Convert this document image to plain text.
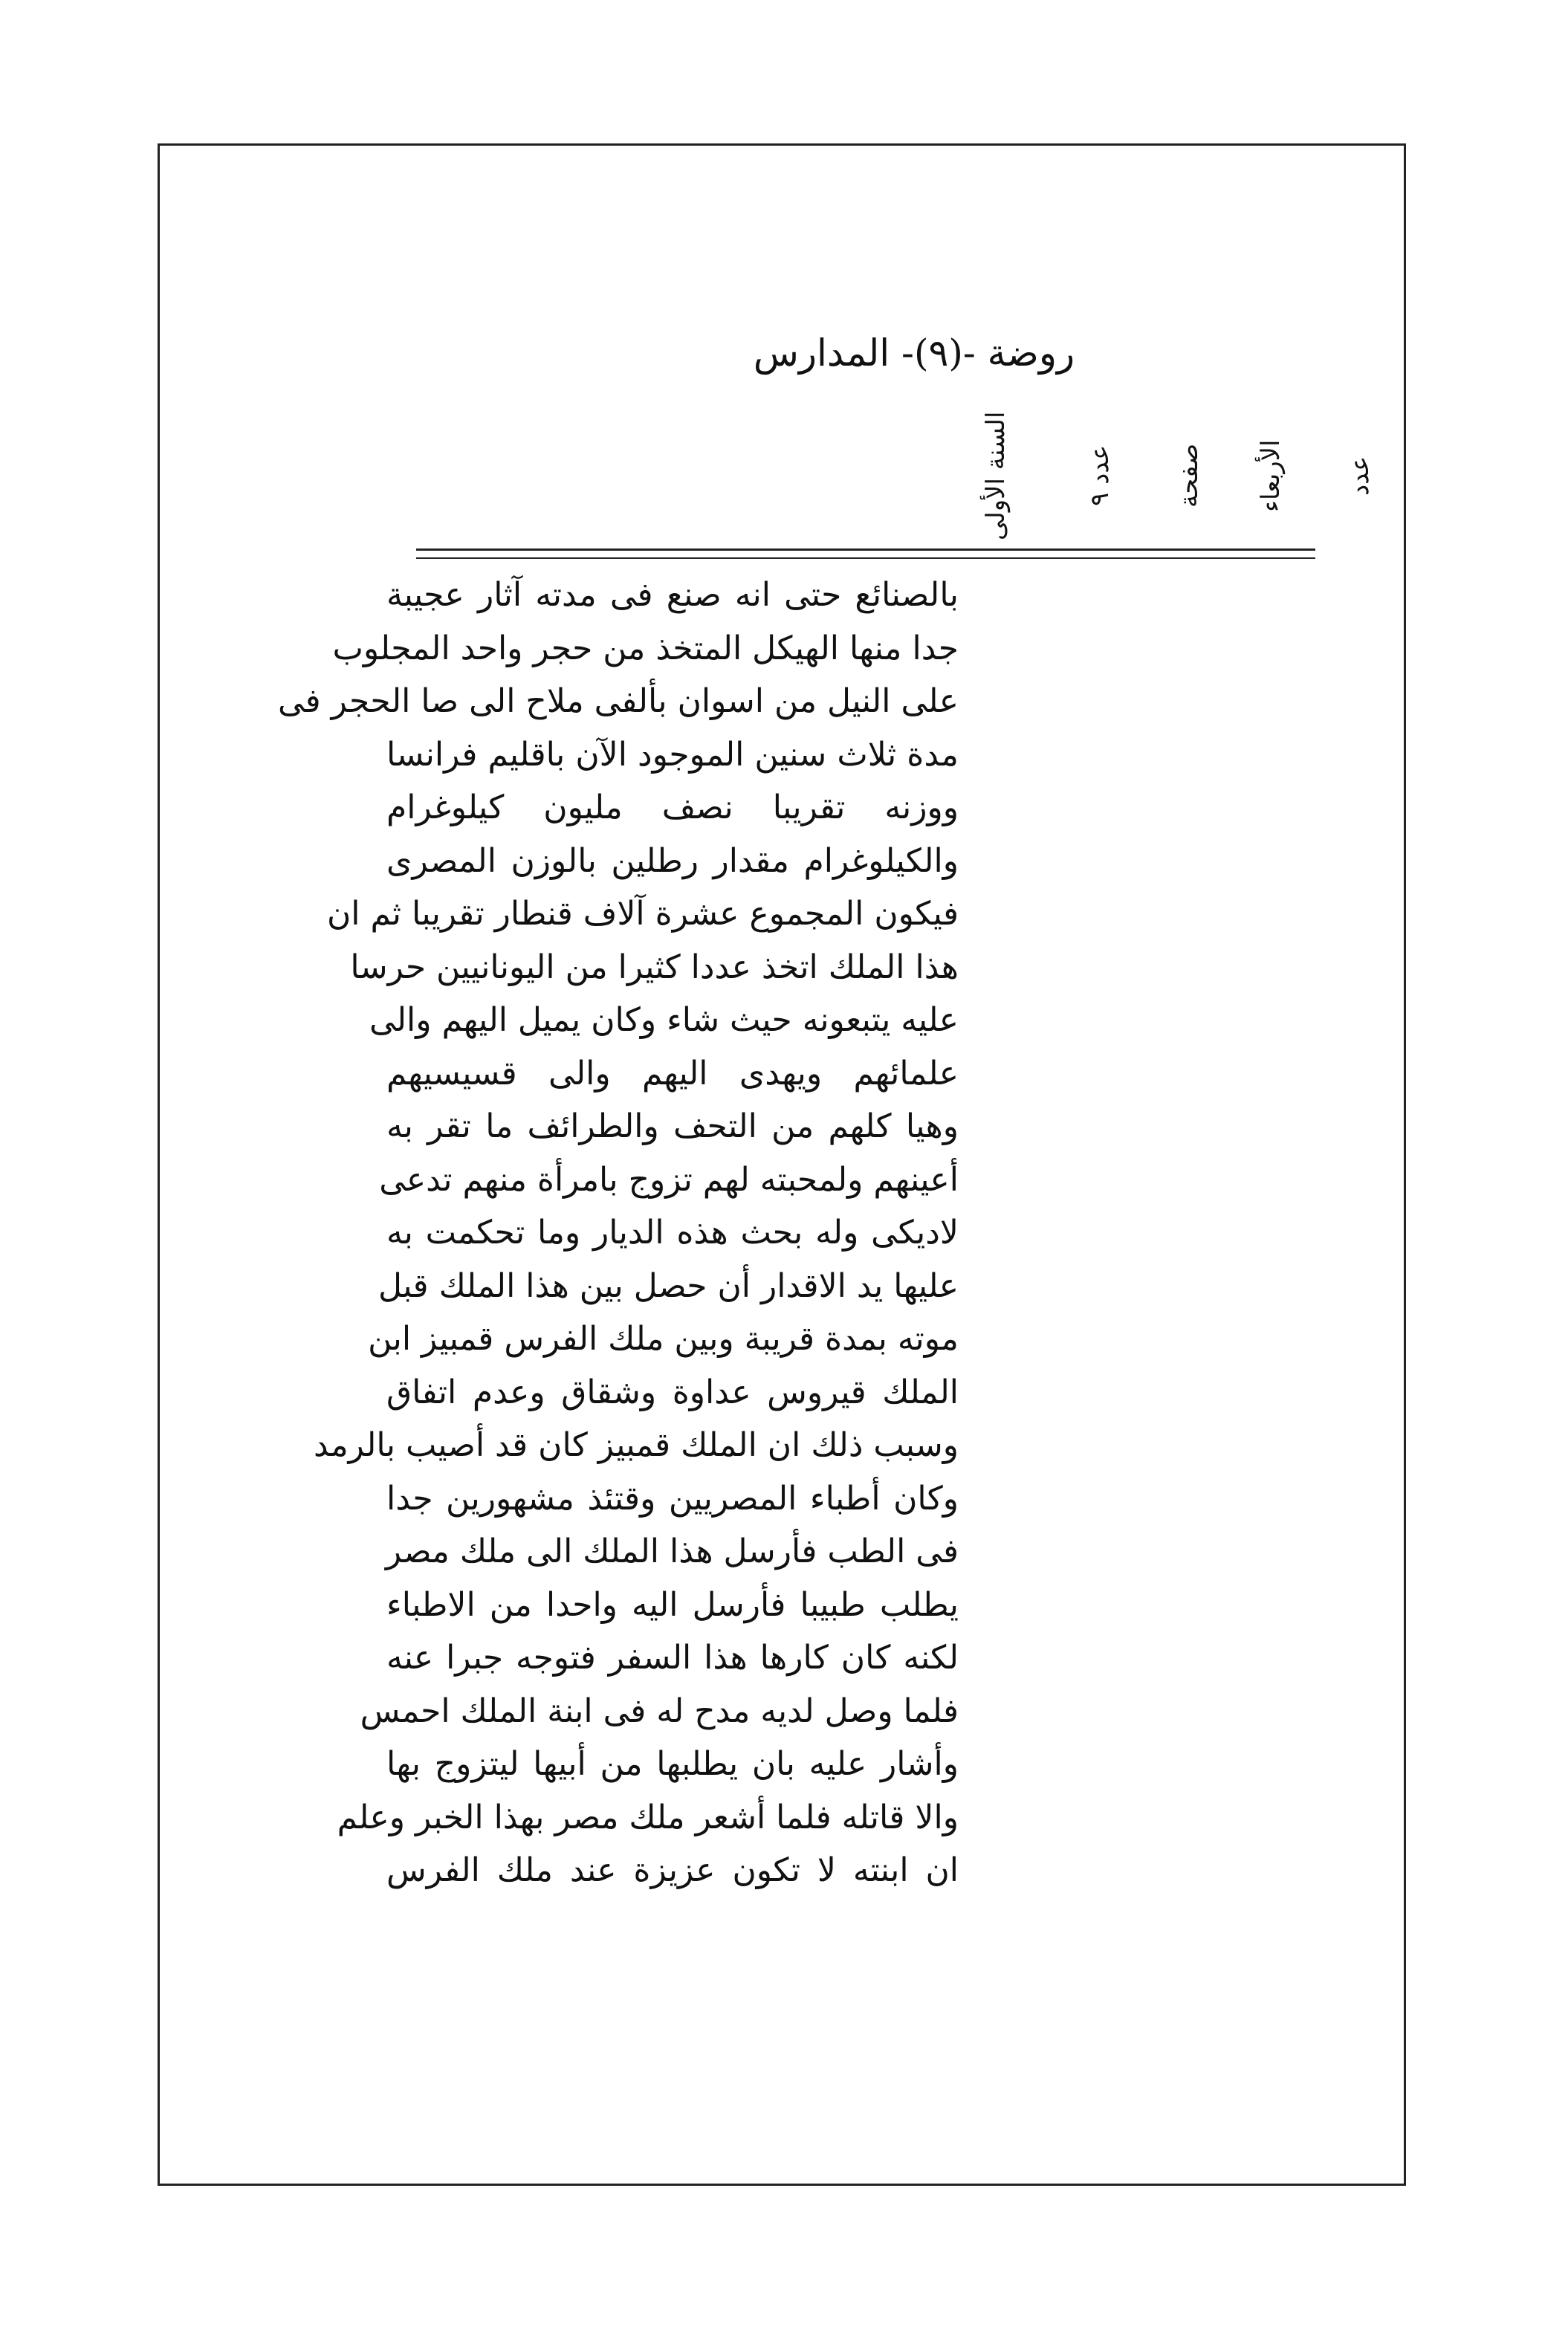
روضة -(٩)- المدارس
السنة الأولى	عدد ٩	صفحة	الأربعاء	عدد
بالصنائع حتى انه صنع فى مدته آثار عجيبة
جدا منها الهيكل المتخذ من حجر واحد المجلوب
على النيل من اسوان بألفى ملاح الى صا الحجر فى
مدة ثلاث سنين الموجود الآن باقليم فرانسا
ووزنه تقريبا نصف مليون كيلوغرام
والكيلوغرام مقدار رطلين بالوزن المصرى
فيكون المجموع عشرة آلاف قنطار تقريبا ثم ان
هذا الملك اتخذ عددا كثيرا من اليونانيين حرسا
عليه يتبعونه حيث شاء وكان يميل اليهم والى
علمائهم ويهدى اليهم والى قسيسيهم
وهيا كلهم من التحف والطرائف ما تقر به
أعينهم ولمحبته لهم تزوج بامرأة منهم تدعى
لاديكى وله بحث هذه الديار وما تحكمت به
عليها يد الاقدار أن حصل بين هذا الملك قبل
موته بمدة قريبة وبين ملك الفرس قمبيز ابن
الملك قيروس عداوة وشقاق وعدم اتفاق
وسبب ذلك ان الملك قمبيز كان قد أصيب بالرمد
وكان أطباء المصريين وقتئذ مشهورين جدا
فى الطب فأرسل هذا الملك الى ملك مصر
يطلب طبيبا فأرسل اليه واحدا من الاطباء
لكنه كان كارها هذا السفر فتوجه جبرا عنه
فلما وصل لديه مدح له فى ابنة الملك احمس
وأشار عليه بان يطلبها من أبيها ليتزوج بها
والا قاتله فلما أشعر ملك مصر بهذا الخبر وعلم
ان ابنته لا تكون عزيزة عند ملك الفرس
